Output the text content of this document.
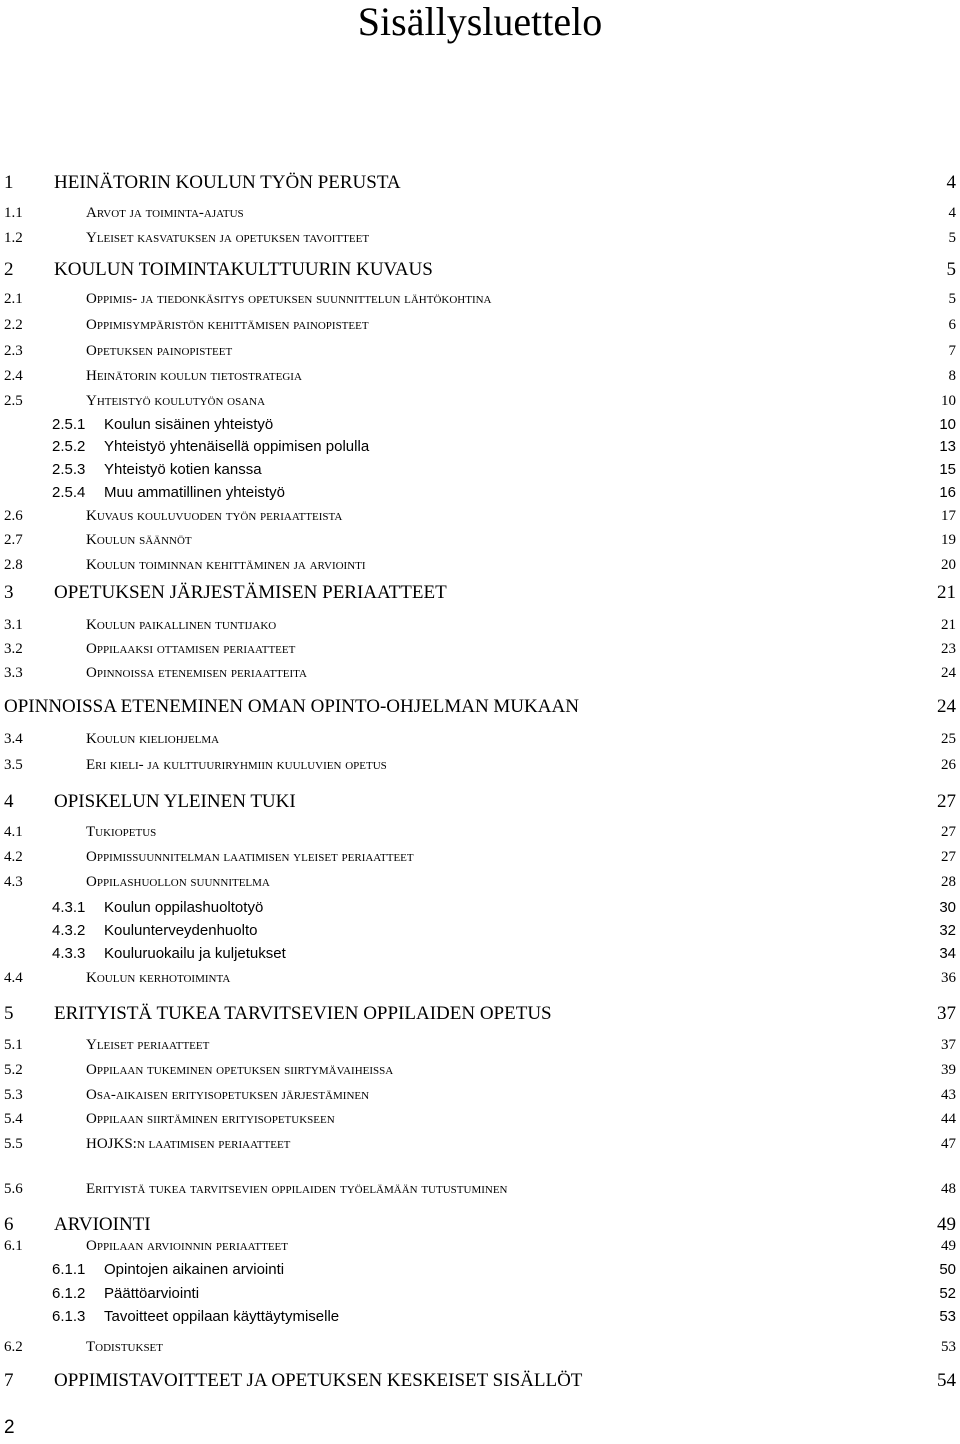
Sisällysluettelo
1	HEINÄTORIN KOULUN TYÖN PERUSTA	4
1.1	Arvot ja toiminta-ajatus	4
1.2	Yleiset kasvatuksen ja opetuksen tavoitteet	5
2	KOULUN TOIMINTAKULTTUURIN KUVAUS	5
2.1	Oppimis- ja tiedonkäsitys opetuksen suunnittelun lähtökohtina	5
2.2	Oppimisympäristön kehittämisen painopisteet	6
2.3	Opetuksen painopisteet	7
2.4	Heinätorin koulun tietostrategia	8
2.5	Yhteistyö koulutyön osana	10
2.5.1	Koulun sisäinen yhteistyö	10
2.5.2	Yhteistyö yhtenäisellä oppimisen polulla	13
2.5.3	Yhteistyö kotien kanssa	15
2.5.4	Muu ammatillinen yhteistyö	16
2.6	Kuvaus kouluvuoden työn periaatteista	17
2.7	Koulun säännöt	19
2.8	Koulun toiminnan kehittäminen ja arviointi	20
3	OPETUKSEN JÄRJESTÄMISEN PERIAATTEET	21
3.1	Koulun paikallinen tuntijako	21
3.2	Oppilaaksi ottamisen periaatteet	23
3.3	Opinnoissa etenemisen periaatteita	24
OPINNOISSA ETENEMINEN OMAN OPINTO-OHJELMAN MUKAAN	24
3.4	Koulun kieliohjelma	25
3.5	Eri kieli- ja kulttuuriryhmiin kuuluvien opetus	26
4	OPISKELUN YLEINEN TUKI	27
4.1	Tukiopetus	27
4.2	Oppimissuunnitelman laatimisen yleiset periaatteet	27
4.3	Oppilashuollon suunnitelma	28
4.3.1	Koulun oppilashuoltotyö	30
4.3.2	Koulunterveydenhuolto	32
4.3.3	Kouluruokailu ja kuljetukset	34
4.4	Koulun kerhotoiminta	36
5	ERITYISTÄ TUKEA TARVITSEVIEN OPPILAIDEN OPETUS	37
5.1	Yleiset periaatteet	37
5.2	Oppilaan tukeminen opetuksen siirtymävaiheissa	39
5.3	Osa-aikaisen erityisopetuksen järjestäminen	43
5.4	Oppilaan siirtäminen erityisopetukseen	44
5.5	HOJKS:n laatimisen periaatteet	47
5.6	Erityistä tukea tarvitsevien oppilaiden työelämään tutustuminen	48
6	ARVIOINTI	49
6.1	Oppilaan arvioinnin periaatteet	49
6.1.1	Opintojen aikainen arviointi	50
6.1.2	Päättöarviointi	52
6.1.3	Tavoitteet oppilaan käyttäytymiselle	53
6.2	Todistukset	53
7	OPPIMISTAVOITTEET JA OPETUKSEN KESKEISET SISÄLLÖT	54
2
